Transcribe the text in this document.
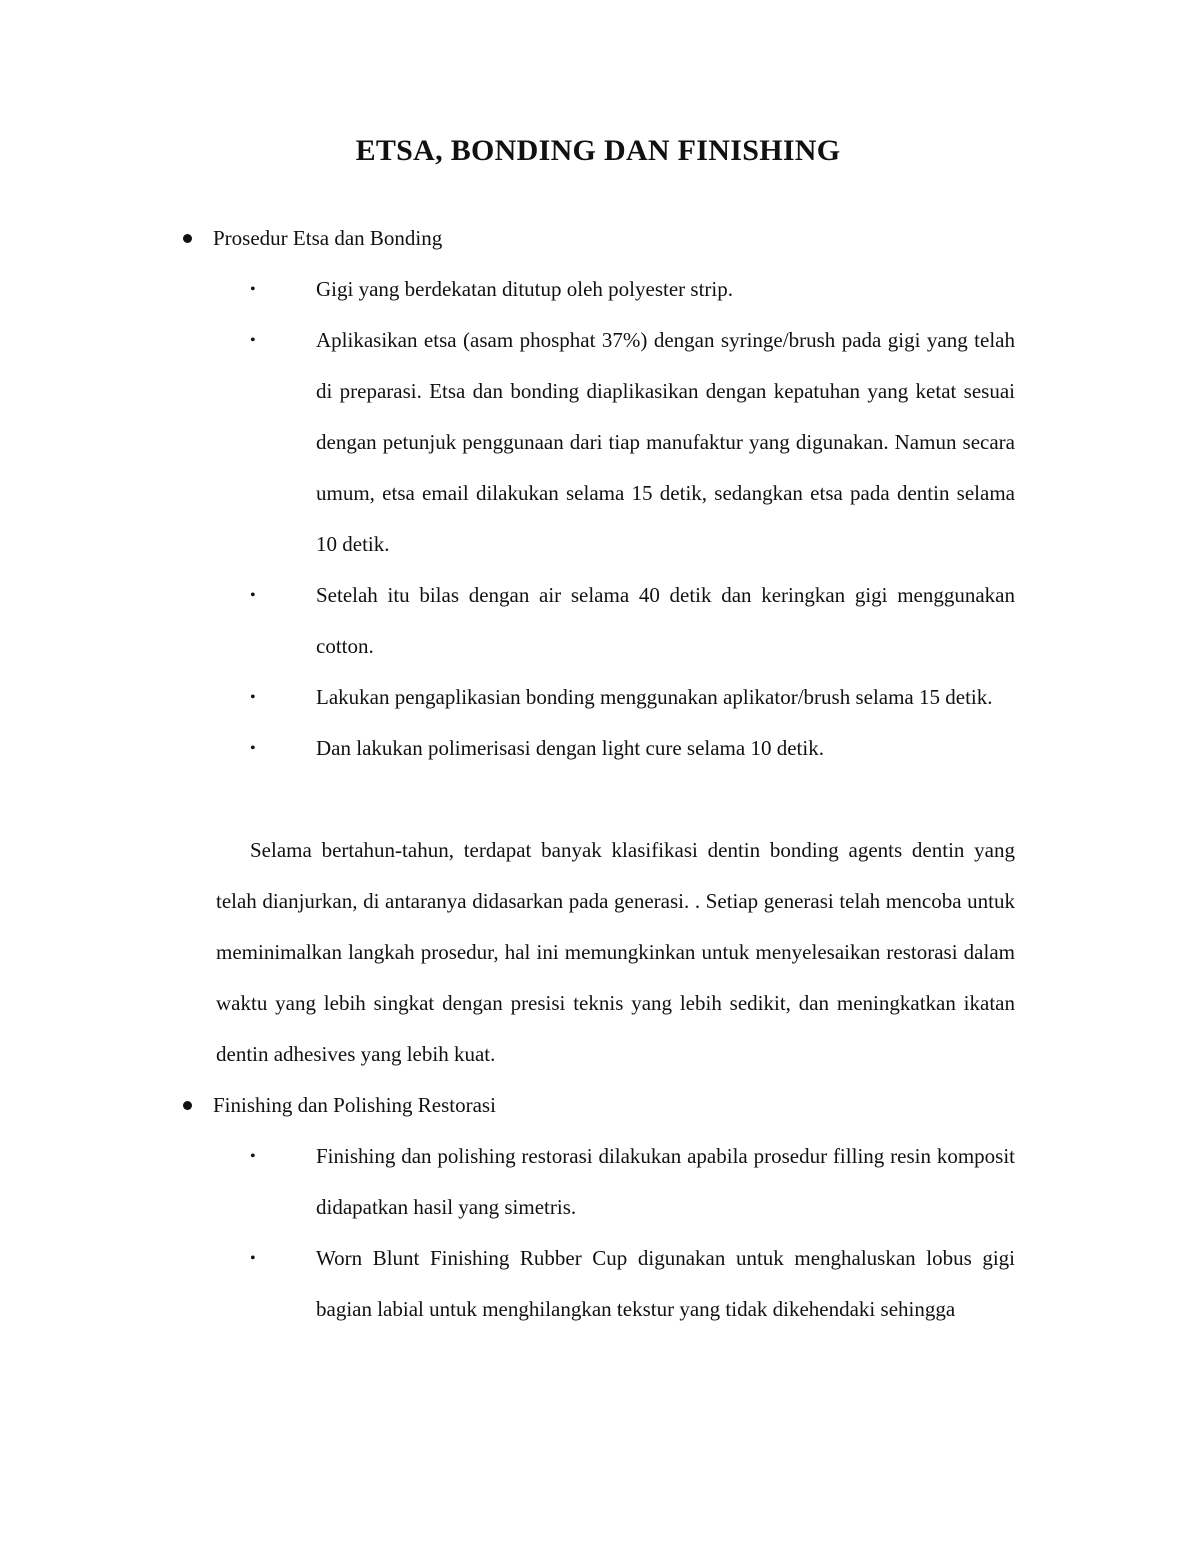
ETSA, BONDING DAN FINISHING
Prosedur Etsa dan Bonding
•	Gigi yang berdekatan ditutup oleh polyester strip.
•	Aplikasikan etsa (asam phosphat 37%) dengan syringe/brush pada gigi yang telah di preparasi. Etsa dan bonding diaplikasikan dengan kepatuhan yang ketat sesuai dengan petunjuk penggunaan dari tiap manufaktur yang digunakan. Namun secara umum, etsa email dilakukan selama 15 detik, sedangkan etsa pada dentin selama 10 detik.
•	Setelah itu bilas dengan air selama 40 detik dan keringkan gigi menggunakan cotton.
•	Lakukan pengaplikasian bonding menggunakan aplikator/brush selama 15 detik.
•	Dan lakukan polimerisasi dengan light cure selama 10 detik.

Selama bertahun-tahun, terdapat banyak klasifikasi dentin bonding agents dentin yang telah dianjurkan, di antaranya didasarkan pada generasi. . Setiap generasi telah mencoba untuk meminimalkan langkah prosedur, hal ini memungkinkan untuk menyelesaikan restorasi dalam waktu yang lebih singkat dengan presisi teknis yang lebih sedikit, dan meningkatkan ikatan dentin adhesives yang lebih kuat.

Finishing dan Polishing Restorasi
•	Finishing dan polishing restorasi dilakukan apabila prosedur filling resin komposit didapatkan hasil yang simetris.
•	Worn Blunt Finishing Rubber Cup digunakan untuk menghaluskan lobus gigi bagian labial untuk menghilangkan tekstur yang tidak dikehendaki sehingga
